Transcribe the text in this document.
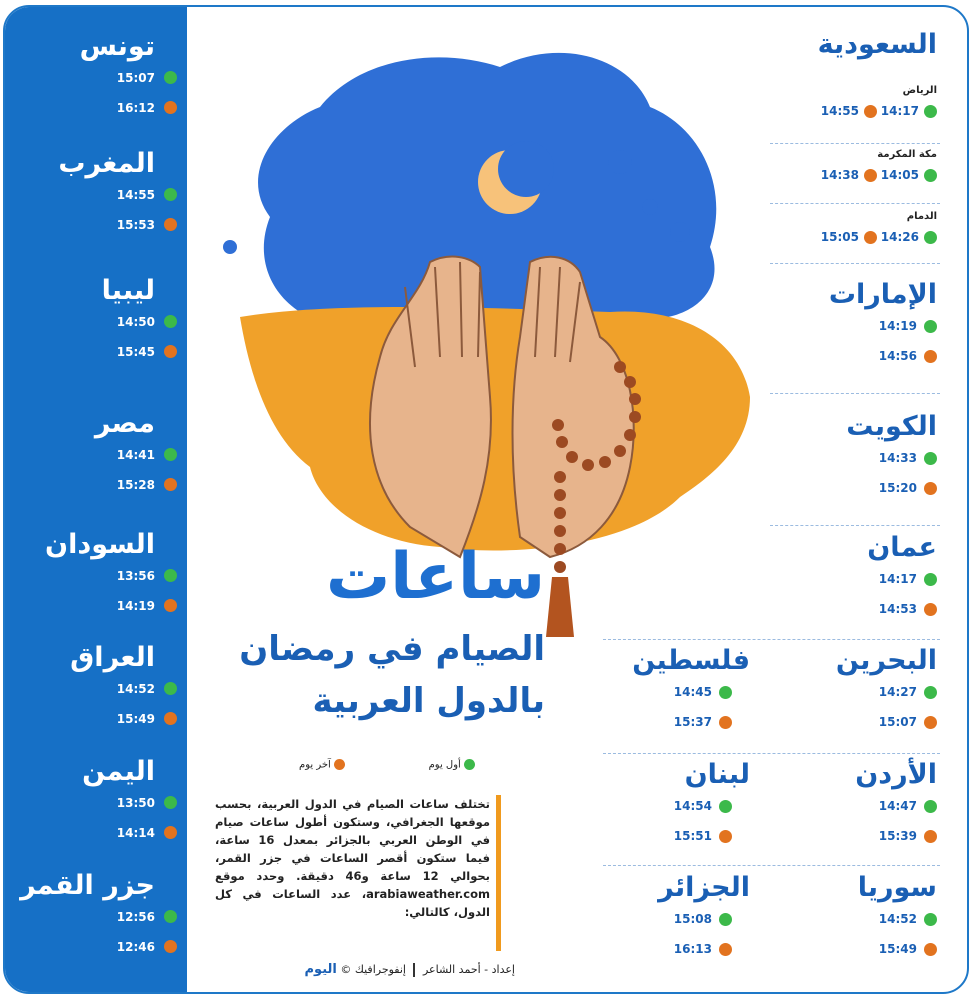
تونس
15:07
16:12
المغرب
14:55
15:53
ليبيا
14:50
15:45
مصر
14:41
15:28
السودان
13:56
14:19
العراق
14:52
15:49
اليمن
13:50
14:14
جزر القمر
12:56
12:46
ساعات
الصيام في رمضان
بالدول العربية
أول يوم
آخر يوم
تختلف ساعات الصيام في الدول العربية، بحسب موقعها الجغرافي، وستكون أطول ساعات صيام في الوطن العربي بالجزائر بمعدل 16 ساعة، فيما ستكون أقصر الساعات في جزر القمر، بحوالي 12 ساعة و46 دقيقة. وحدد موقع arabiaweather.com، عدد الساعات في كل الدول، كالتالي:
إعداد - أحمد الشاعر  إنفوجرافيك © اليوم
السعودية
الرياض
14:17
14:55
مكة المكرمة
14:05
14:38
الدمام
14:26
15:05
الإمارات
14:19
14:56
الكويت
14:33
15:20
عمان
14:17
14:53
البحرين
14:27
15:07
الأردن
14:47
15:39
سوريا
14:52
15:49
فلسطين
14:45
15:37
لبنان
14:54
15:51
الجزائر
15:08
16:13
